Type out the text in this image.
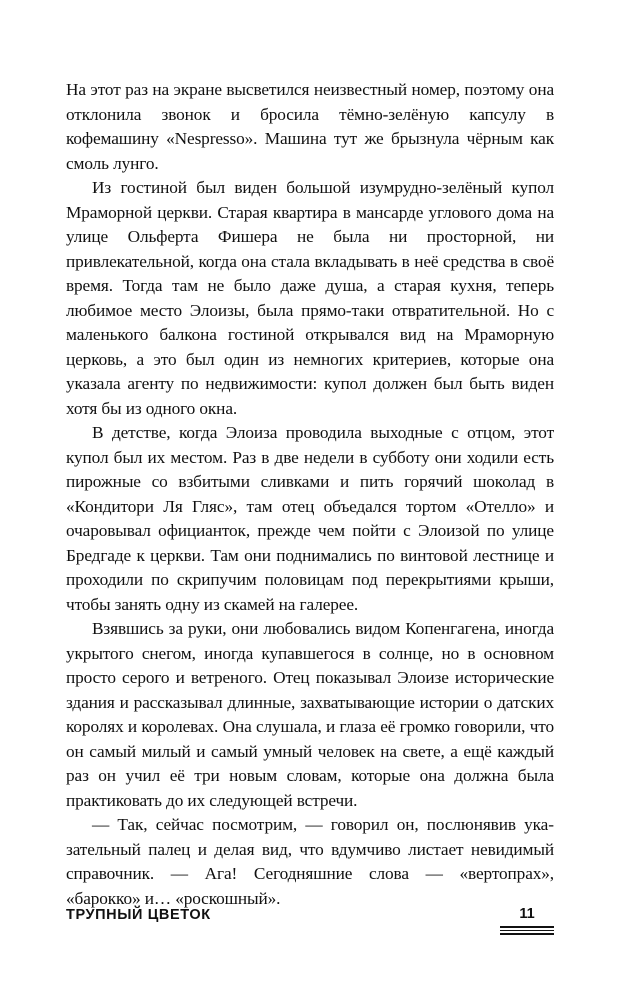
На этот раз на экране высветился неизвестный номер, поэтому она отклонила звонок и бросила тёмно-зелёную капсулу в кофемашину «Nespresso». Машина тут же брызнула чёрным как смоль лунго.

Из гостиной был виден большой изумрудно-зелёный купол Мраморной церкви. Старая квартира в мансарде углового дома на улице Ольферта Фишера не была ни просторной, ни привлекательной, когда она стала вкладывать в неё средства в своё время. Тогда там не было даже душа, а старая кухня, теперь любимое место Элоизы, была прямо-таки отвратительной. Но с маленького балкона гостиной открывался вид на Мраморную церковь, а это был один из немногих критериев, которые она указала агенту по недвижимости: купол должен был быть виден хотя бы из одного окна.

В детстве, когда Элоиза проводила выходные с отцом, этот купол был их местом. Раз в две недели в субботу они ходили есть пирожные со взбитыми сливками и пить горячий шоколад в «Кондитори Ля Гляс», там отец объедался тортом «Отелло» и очаровывал официанток, прежде чем пойти с Элоизой по улице Бредгаде к церкви. Там они поднимались по винтовой лестнице и проходили по скрипучим половицам под перекрытиями крыши, чтобы занять одну из скамей на галерее.

Взявшись за руки, они любовались видом Копенгагена, иногда укрытого снегом, иногда купавшегося в солнце, но в основном просто серого и ветреного. Отец показывал Элоизе исторические здания и рассказывал длинные, захватывающие истории о датских королях и королевах. Она слушала, и глаза её громко говорили, что он самый милый и самый умный человек на свете, а ещё каждый раз он учил её три новым словам, которые она должна была практиковать до их следующей встречи.

— Так, сейчас посмотрим, — говорил он, послюнявив указательный палец и делая вид, что вдумчиво листает невидимый справочник. — Ага! Сегодняшние слова — «вертопрах», «барокко» и… «роскошный».

ТРУПНЫЙ ЦВЕТОК	11
